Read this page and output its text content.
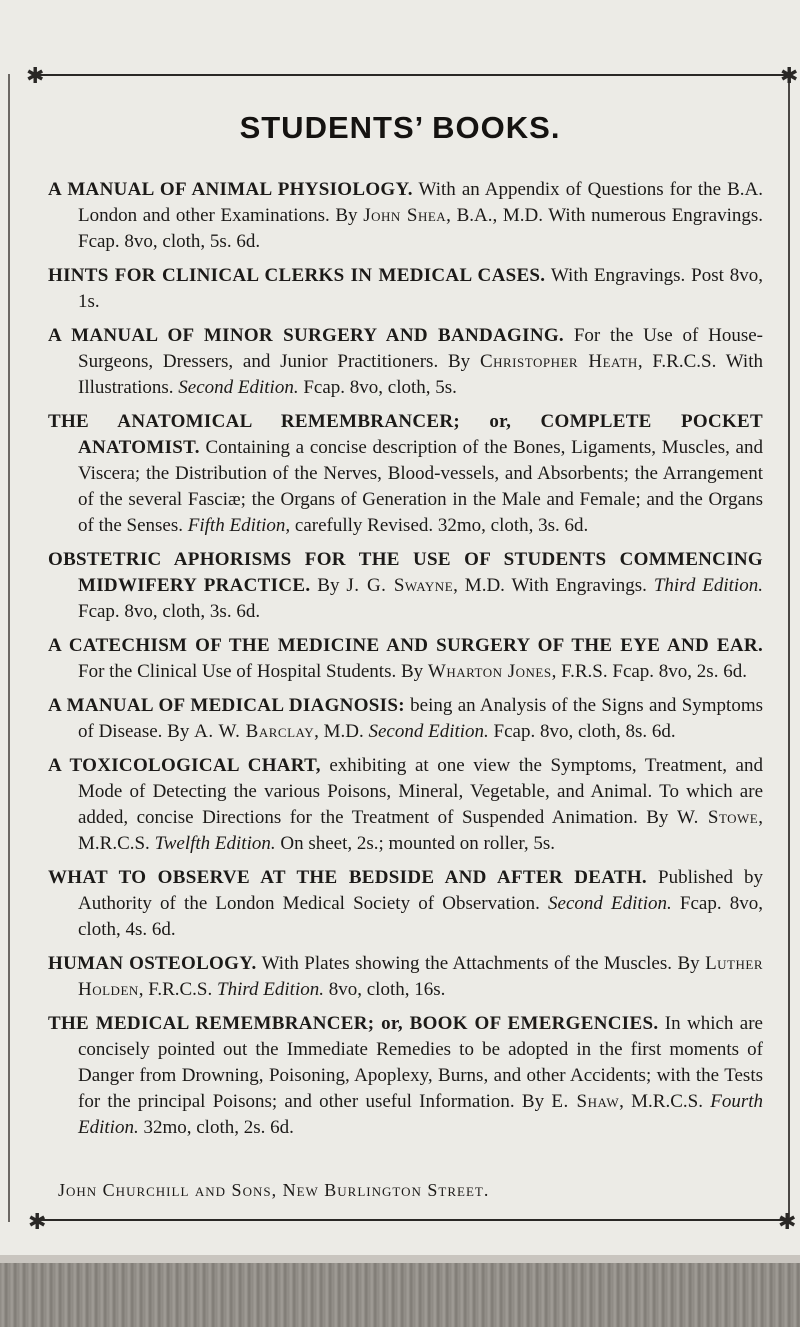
✱	✱
✱	✱
STUDENTS’ BOOKS.

A MANUAL OF ANIMAL PHYSIOLOGY. With an Appendix of Questions for the B.A. London and other Examinations. By John Shea, B.A., M.D. With numerous Engravings. Fcap. 8vo, cloth, 5s. 6d.

HINTS FOR CLINICAL CLERKS IN MEDICAL CASES. With Engravings. Post 8vo, 1s.

A MANUAL OF MINOR SURGERY AND BANDAGING. For the Use of House-Surgeons, Dressers, and Junior Practitioners. By Christopher Heath, F.R.C.S. With Illustrations. Second Edition. Fcap. 8vo, cloth, 5s.

THE ANATOMICAL REMEMBRANCER; or, COMPLETE POCKET ANATOMIST. Containing a concise description of the Bones, Ligaments, Muscles, and Viscera; the Distribution of the Nerves, Blood-vessels, and Absorbents; the Arrangement of the several Fasciæ; the Organs of Generation in the Male and Female; and the Organs of the Senses. Fifth Edition, carefully Revised. 32mo, cloth, 3s. 6d.

OBSTETRIC APHORISMS FOR THE USE OF STUDENTS COMMENCING MIDWIFERY PRACTICE. By J. G. Swayne, M.D. With Engravings. Third Edition. Fcap. 8vo, cloth, 3s. 6d.

A CATECHISM OF THE MEDICINE AND SURGERY OF THE EYE AND EAR. For the Clinical Use of Hospital Students. By Wharton Jones, F.R.S. Fcap. 8vo, 2s. 6d.

A MANUAL OF MEDICAL DIAGNOSIS: being an Analysis of the Signs and Symptoms of Disease. By A. W. Barclay, M.D. Second Edition. Fcap. 8vo, cloth, 8s. 6d.

A TOXICOLOGICAL CHART, exhibiting at one view the Symptoms, Treatment, and Mode of Detecting the various Poisons, Mineral, Vegetable, and Animal. To which are added, concise Directions for the Treatment of Suspended Animation. By W. Stowe, M.R.C.S. Twelfth Edition. On sheet, 2s.; mounted on roller, 5s.

WHAT TO OBSERVE AT THE BEDSIDE AND AFTER DEATH. Published by Authority of the London Medical Society of Observation. Second Edition. Fcap. 8vo, cloth, 4s. 6d.

HUMAN OSTEOLOGY. With Plates showing the Attachments of the Muscles. By Luther Holden, F.R.C.S. Third Edition. 8vo, cloth, 16s.

THE MEDICAL REMEMBRANCER; or, BOOK OF EMERGENCIES. In which are concisely pointed out the Immediate Remedies to be adopted in the first moments of Danger from Drowning, Poisoning, Apoplexy, Burns, and other Accidents; with the Tests for the principal Poisons; and other useful Information. By E. Shaw, M.R.C.S. Fourth Edition. 32mo, cloth, 2s. 6d.

John Churchill and Sons, New Burlington Street.
